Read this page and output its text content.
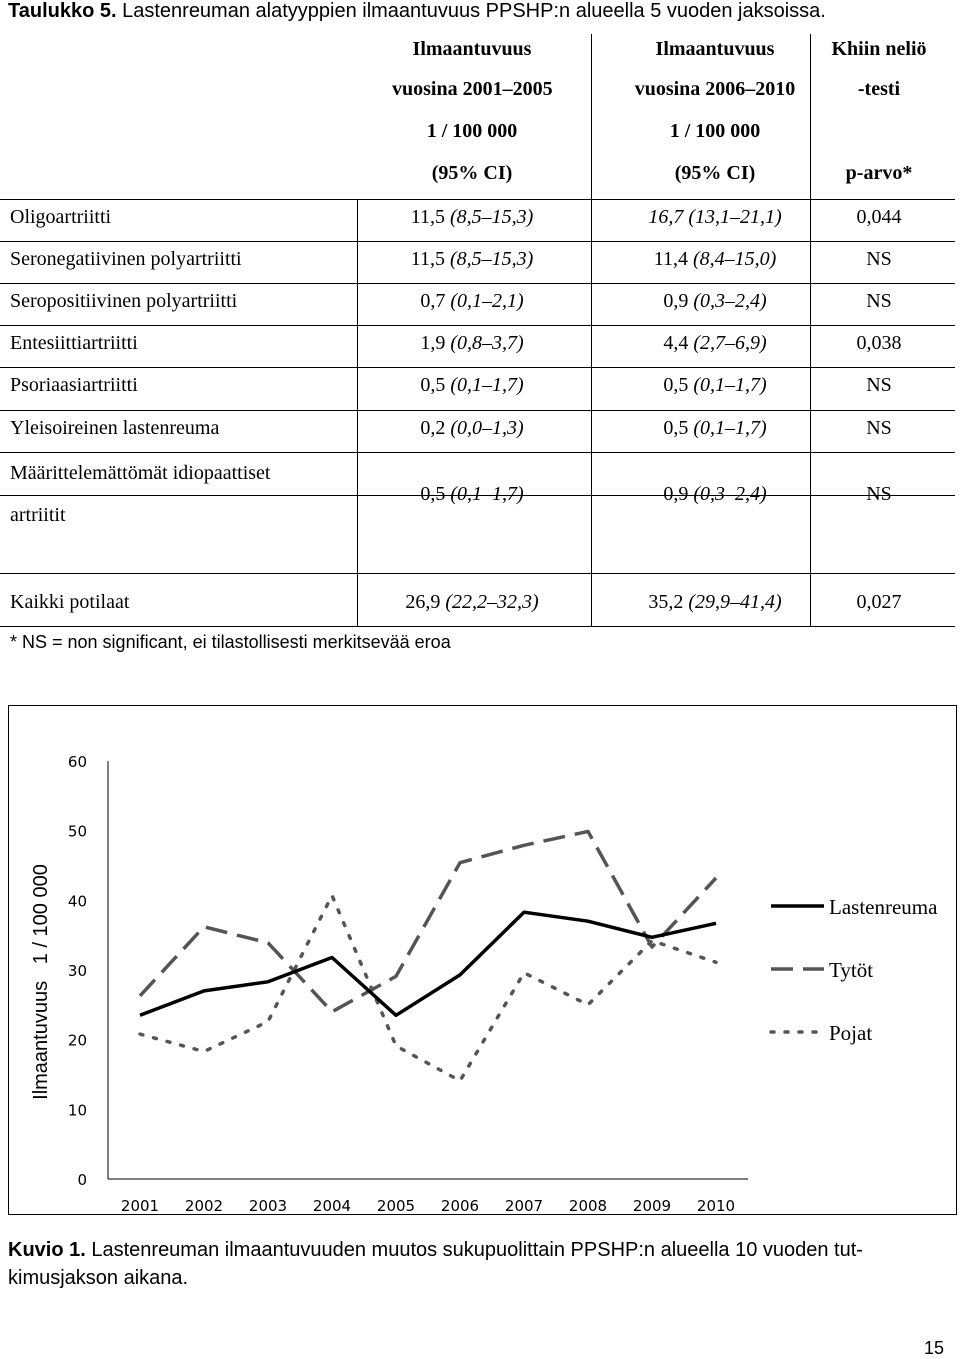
Taulukko 5. Lastenreuman alatyyppien ilmaantuvuus PPSHP:n alueella 5 vuoden jaksoissa.
Ilmaantuvuus
vuosina 2001–2005
1 / 100 000
(95% CI)
Ilmaantuvuus
vuosina 2006–2010
1 / 100 000
(95% CI)
Khiin neliö
-testi
p-arvo*
Oligoartriitti	11,5 (8,5–15,3)	16,7 (13,1–21,1)	0,044
Seronegatiivinen polyartriitti	11,5 (8,5–15,3)	11,4 (8,4–15,0)	NS
Seropositiivinen polyartriitti	0,7 (0,1–2,1)	0,9 (0,3–2,4)	NS
Entesiittiartriitti	1,9 (0,8–3,7)	4,4 (2,7–6,9)	0,038
Psoriaasiartriitti	0,5 (0,1–1,7)	0,5 (0,1–1,7)	NS
Yleisoireinen lastenreuma	0,2 (0,0–1,3)	0,5 (0,1–1,7)	NS
Määrittelemättömät idiopaattiset
artriitit
0,5 (0,1–1,7)	0,9 (0,3–2,4)	NS
Kaikki potilaat	26,9 (22,2–32,3)	35,2 (29,9–41,4)	0,027
* NS = non significant, ei tilastollisesti merkitsevää eroa
0
10
20
30
40
50
60
2001 2002 2003 2004 2005 2006 2007 2008 2009 2010
Ilmaantuvuus   1 / 100 000	Lastenreuma
Tytöt
Pojat
Kuvio 1. Lastenreuman ilmaantuvuuden muutos sukupuolittain PPSHP:n alueella 10 vuoden tut-kimusjakson aikana.
15
